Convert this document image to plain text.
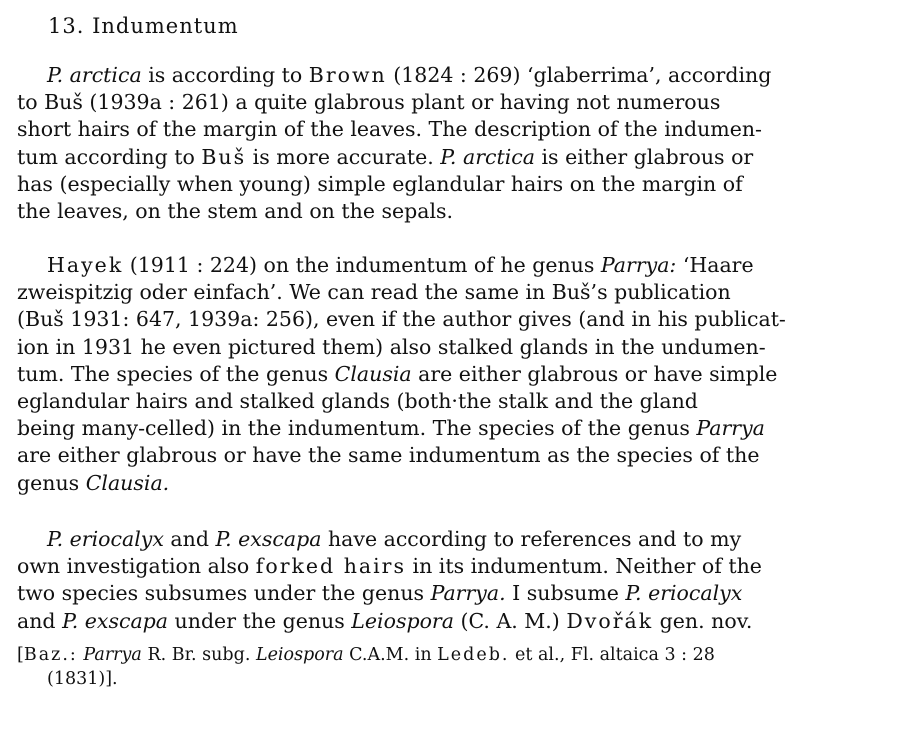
13. Indumentum
P. arctica is according to Brown (1824 : 269) ‘glaberrima’, according
to Buš (1939a : 261) a quite glabrous plant or having not numerous
short hairs of the margin of the leaves. The description of the indumen-
tum according to Buš is more accurate. P. arctica is either glabrous or
has (especially when young) simple eglandular hairs on the margin of
the leaves, on the stem and on the sepals.
Hayek (1911 : 224) on the indumentum of he genus Parrya: ‘Haare
zweispitzig oder einfach’. We can read the same in Buš’s publication
(Buš 1931: 647, 1939a: 256), even if the author gives (and in his publicat-
ion in 1931 he even pictured them) also stalked glands in the undumen-
tum. The species of the genus Clausia are either glabrous or have simple
eglandular hairs and stalked glands (both·the stalk and the gland
being many-celled) in the indumentum. The species of the genus Parrya
are either glabrous or have the same indumentum as the species of the
genus Clausia.
P. eriocalyx and P. exscapa have according to references and to my
own investigation also forked hairs in its indumentum. Neither of the
two species subsumes under the genus Parrya. I subsume P. eriocalyx
and P. exscapa under the genus Leiospora (C. A. M.) Dvořák gen. nov.
[Baz.: Parrya R. Br. subg. Leiospora C.A.M. in Ledeb. et al., Fl. altaica 3 : 28
(1831)].
